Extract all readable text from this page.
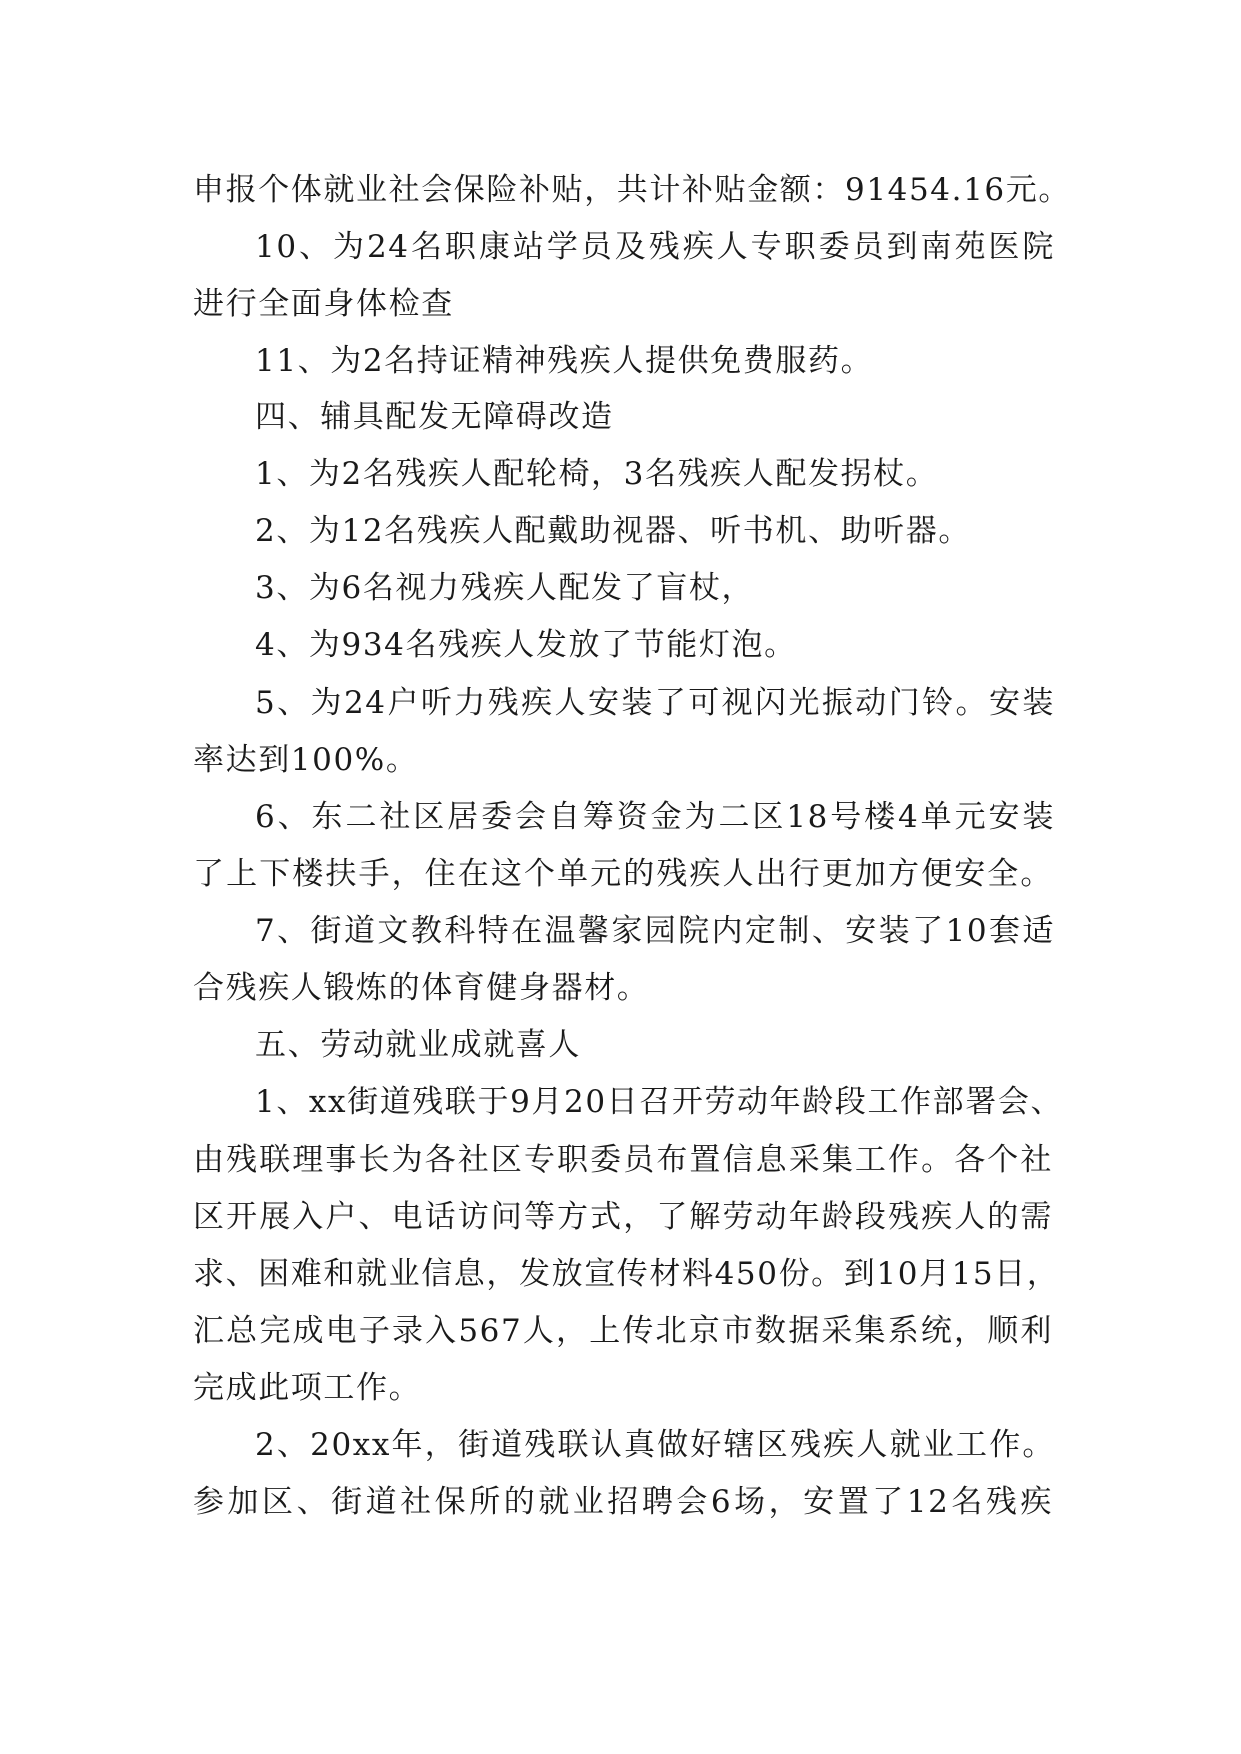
申报个体就业社会保险补贴，共计补贴金额：91454.16元。
10、为24名职康站学员及残疾人专职委员到南苑医院
进行全面身体检查
11、为2名持证精神残疾人提供免费服药。
四、辅具配发无障碍改造
1、为2名残疾人配轮椅，3名残疾人配发拐杖。
2、为12名残疾人配戴助视器、听书机、助听器。
3、为6名视力残疾人配发了盲杖，
4、为934名残疾人发放了节能灯泡。
5、为24户听力残疾人安装了可视闪光振动门铃。安装
率达到100%。
6、东二社区居委会自筹资金为二区18号楼4单元安装
了上下楼扶手，住在这个单元的残疾人出行更加方便安全。
7、街道文教科特在温馨家园院内定制、安装了10套适
合残疾人锻炼的体育健身器材。
五、劳动就业成就喜人
1、xx街道残联于9月20日召开劳动年龄段工作部署会、
由残联理事长为各社区专职委员布置信息采集工作。各个社
区开展入户、电话访问等方式，了解劳动年龄段残疾人的需
求、困难和就业信息，发放宣传材料450份。到10月15日，
汇总完成电子录入567人，上传北京市数据采集系统，顺利
完成此项工作。
2、20xx年，街道残联认真做好辖区残疾人就业工作。
参加区、街道社保所的就业招聘会6场，安置了12名残疾
